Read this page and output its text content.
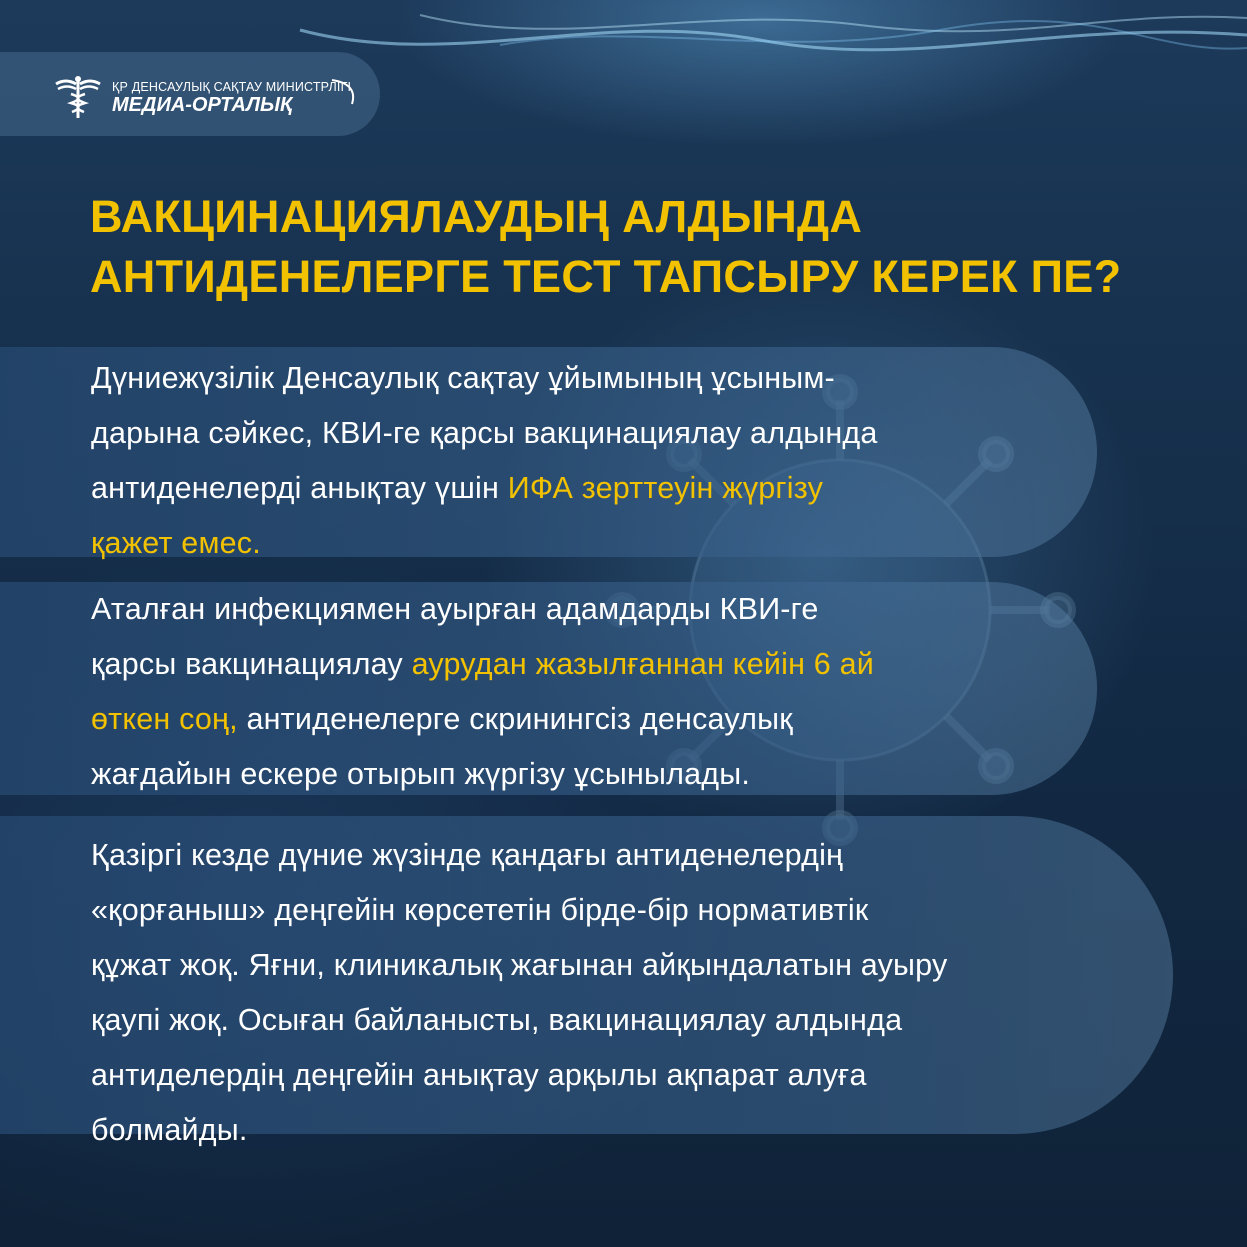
ҚР ДЕНСАУЛЫҚ САҚТАУ МИНИСТРЛІГІ
МЕДИА-ОРТАЛЫҚ
ВАКЦИНАЦИЯЛАУДЫҢ АЛДЫНДА
АНТИДЕНЕЛЕРГЕ ТЕСТ ТАПСЫРУ КЕРЕК ПЕ?
Дүниежүзілік Денсаулық сақтау ұйымының ұсыным-
дарына сәйкес, КВИ-ге қарсы вакцинациялау алдында
антиденелерді анықтау үшін ИФА зерттеуін жүргізу
қажет емес.
Аталған инфекциямен ауырған адамдарды КВИ-ге
қарсы вакцинациялау аурудан жазылғаннан кейін 6 ай
өткен соң, антиденелерге скринингсіз денсаулық
жағдайын ескере отырып жүргізу ұсынылады.
Қазіргі кезде дүние жүзінде қандағы антиденелердің
«қорғаныш» деңгейін көрсететін бірде-бір нормативтік
құжат жоқ. Яғни, клиникалық жағынан айқындалатын ауыру
қаупі жоқ. Осыған байланысты, вакцинациялау алдында
антиделердің деңгейін анықтау арқылы ақпарат алуға
болмайды.
